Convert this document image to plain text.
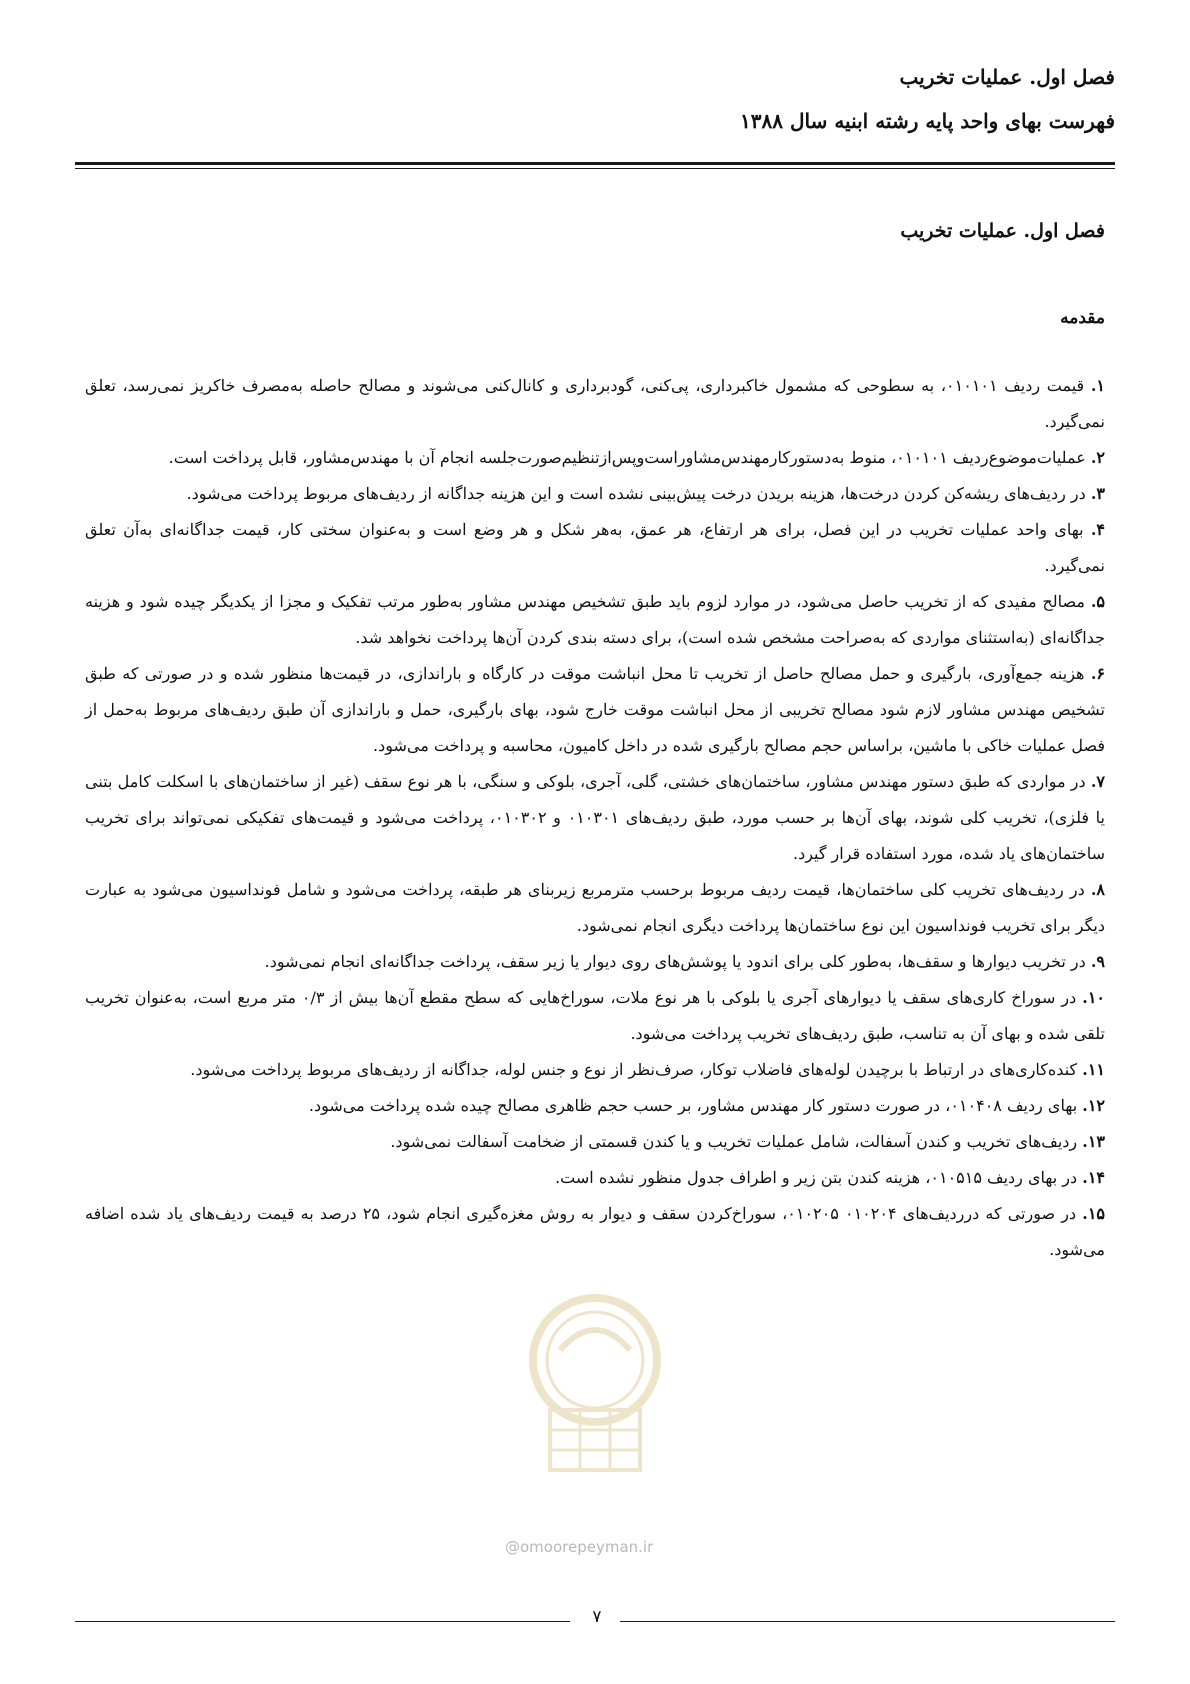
فصل اول. عملیات تخریب
فهرست بهای واحد پایه رشته ابنیه سال ۱۳۸۸
فصل اول. عملیات تخریب
مقدمه
۱. قیمت ردیف ۰۱۰۱۰۱، به سطوحی که مشمول خاکبرداری، پی‌کنی، گودبرداری و کانال‌کنی می‌شوند و مصالح حاصله به‌مصرف خاکریز نمی‌رسد، تعلق نمی‌گیرد.
۲. عملیات‌موضوع‌ردیف ۰۱۰۱۰۱، منوط به‌دستورکارمهندس‌مشاوراست‌وپس‌ازتنظیم‌صورت‌جلسه انجام آن با مهندس‌مشاور، قابل پرداخت است.
۳. در ردیف‌های ریشه‌کن کردن درخت‌ها، هزینه بریدن درخت پیش‌بینی نشده است و این هزینه جداگانه از ردیف‌های مربوط پرداخت می‌شود.
۴. بهای واحد عملیات تخریب در این فصل، برای هر ارتفاع، هر عمق، به‌هر شکل و هر وضع است و به‌عنوان سختی کار، قیمت جداگانه‌ای به‌آن تعلق نمی‌گیرد.
۵. مصالح مفیدی که از تخریب حاصل می‌شود، در موارد لزوم باید طبق تشخیص مهندس مشاور به‌طور مرتب تفکیک و مجزا از یکدیگر چیده شود و هزینه جداگانه‌ای (به‌استثنای مواردی که به‌صراحت مشخص شده است)، برای دسته بندی کردن آن‌ها پرداخت نخواهد شد.
۶. هزینه جمع‌آوری، بارگیری و حمل مصالح حاصل از تخریب تا محل انباشت موقت در کارگاه و باراندازی، در قیمت‌ها منظور شده و در صورتی که طبق تشخیص مهندس مشاور لازم شود مصالح تخریبی از محل انباشت موقت خارج شود، بهای بارگیری، حمل و باراندازی آن طبق ردیف‌های مربوط به‌حمل از فصل عملیات خاکی با ماشین، براساس حجم مصالح بارگیری شده در داخل کامیون، محاسبه و پرداخت می‌شود.
۷. در مواردی که طبق دستور مهندس مشاور، ساختمان‌های خشتی، گلی، آجری، بلوکی و سنگی، با هر نوع سقف (غیر از ساختمان‌های با اسکلت کامل بتنی یا فلزی)، تخریب کلی شوند، بهای آن‌ها بر حسب مورد، طبق ردیف‌های ۰۱۰۳۰۱ و ۰۱۰۳۰۲، پرداخت می‌شود و قیمت‌های تفکیکی نمی‌تواند برای تخریب ساختمان‌های یاد شده، مورد استفاده قرار گیرد.
۸. در ردیف‌های تخریب کلی ساختمان‌ها، قیمت ردیف مربوط برحسب مترمربع زیربنای هر طبقه، پرداخت می‌شود و شامل فونداسیون می‌شود به عبارت دیگر برای تخریب فونداسیون این نوع ساختمان‌ها پرداخت دیگری انجام نمی‌شود.
۹. در تخریب دیوارها و سقف‌ها، به‌طور کلی برای اندود یا پوشش‌های روی دیوار یا زیر سقف، پرداخت جداگانه‌ای انجام نمی‌شود.
۱۰. در سوراخ کاری‌های سقف یا دیوارهای آجری یا بلوکی با هر نوع ملات، سوراخ‌هایی که سطح مقطع آن‌ها بیش از ۰/۳ متر مربع است، به‌عنوان تخریب تلقی شده و بهای آن به تناسب، طبق ردیف‌های تخریب پرداخت می‌شود.
۱۱. کنده‌کاری‌های در ارتباط با برچیدن لوله‌های فاضلاب توکار، صرف‌نظر از نوع و جنس لوله، جداگانه از ردیف‌های مربوط پرداخت می‌شود.
۱۲. بهای ردیف ۰۱۰۴۰۸، در صورت دستور کار مهندس مشاور، بر حسب حجم ظاهری مصالح چیده شده پرداخت می‌شود.
۱۳. ردیف‌های تخریب و کندن آسفالت، شامل عملیات تخریب و یا کندن قسمتی از ضخامت آسفالت نمی‌شود.
۱۴. در بهای ردیف ۰۱۰۵۱۵، هزینه کندن بتن زیر و اطراف جدول منظور نشده است.
۱۵. در صورتی که درردیف‌های ۰۱۰۲۰۴ ۰۱۰۲۰۵، سوراخ‌کردن سقف و دیوار به روش مغزه‌گیری انجام شود، ۲۵ درصد به قیمت ردیف‌های یاد شده اضافه می‌شود.
@omoorepeyman.ir
۷
